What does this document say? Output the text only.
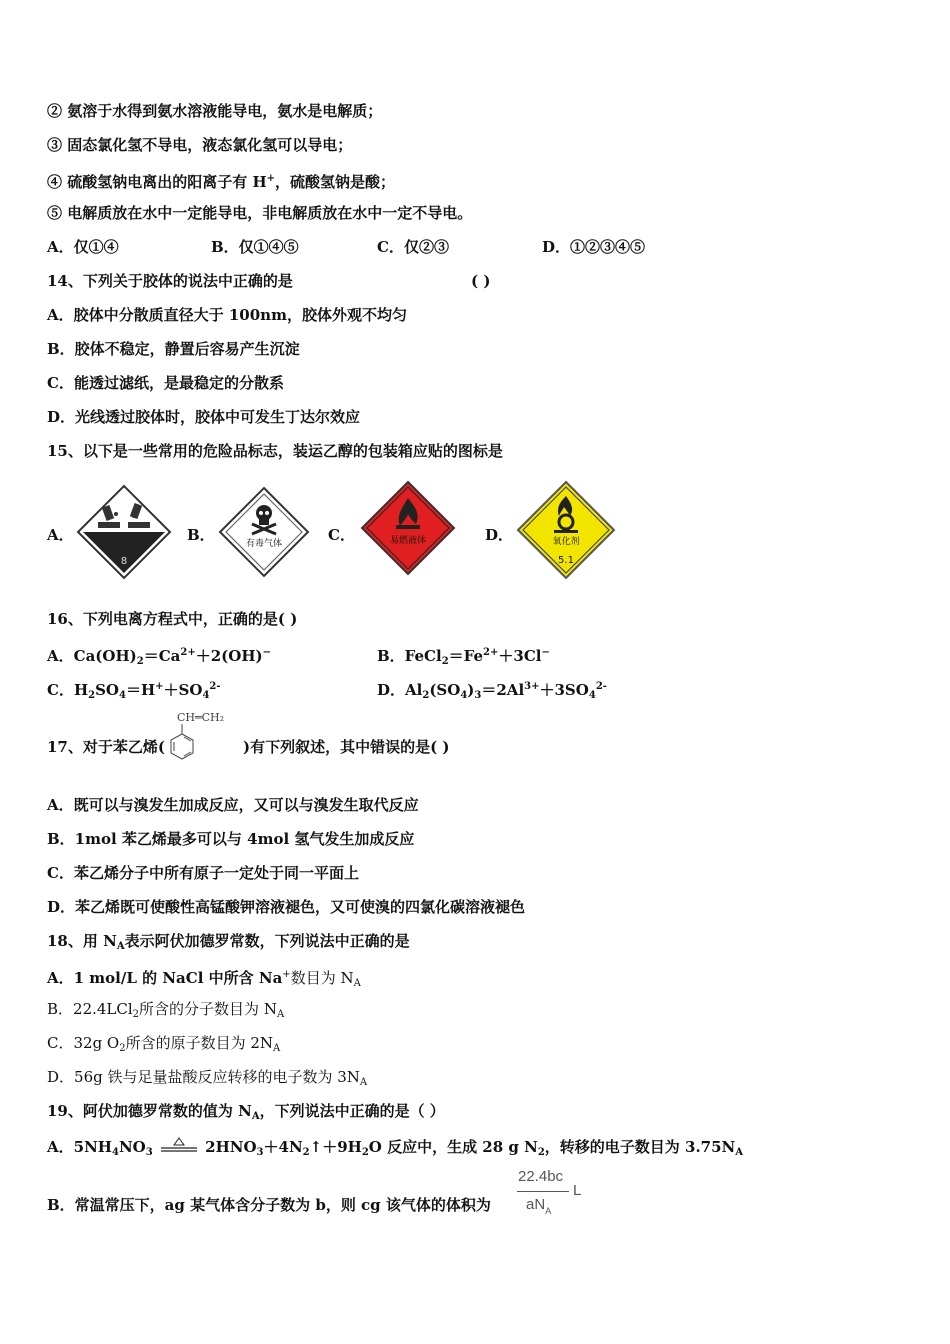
② 氨溶于水得到氨水溶液能导电，氨水是电解质；
③ 固态氯化氢不导电，液态氯化氢可以导电；
④ 硫酸氢钠电离出的阳离子有 H+，硫酸氢钠是酸；
⑤ 电解质放在水中一定能导电，非电解质放在水中一定不导电。
A．仅①④	B．仅①④⑤	C．仅②③	D．①②③④⑤
14、下列关于胶体的说法中正确的是	( )
A．胶体中分散质直径大于 100nm，胶体外观不均匀
B．胶体不稳定，静置后容易产生沉淀
C．能透过滤纸，是最稳定的分散系
D．光线透过胶体时，胶体中可发生丁达尔效应
15、以下是一些常用的危险品标志，装运乙醇的包装箱应贴的图标是
A．	B．	C．	D．
8
有毒气体	易燃液体	氧化剂
5.1
16、下列电离方程式中，正确的是( )
A．$Ca(OH)_2=Ca^{2+}+2(OH)^-$	B．$FeCl_2=Fe^{2+}+3Cl^-$
C．$H_2SO_4=H^++SO_4^{2-}$	D．$Al_2(SO_4)_3=2Al^{3+}+3SO_4^{2-}$
17、对于苯乙烯(
CH═CH₂
)有下列叙述，其中错误的是( )
A．既可以与溴发生加成反应，又可以与溴发生取代反应
B．1mol 苯乙烯最多可以与 4mol 氢气发生加成反应
C．苯乙烯分子中所有原子一定处于同一平面上
D．苯乙烯既可使酸性高锰酸钾溶液褪色，又可使溴的四氯化碳溶液褪色
18、用 $N_A$表示阿伏加德罗常数，下列说法中正确的是
A．1 mol/L 的 NaCl 中所含 Na+数目为 $N_A$
B．22.4LCl$_2$所含的分子数目为 $N_A$
C．32g $O_2$所含的原子数目为 $2N_A$
D．56g 铁与足量盐酸反应转移的电子数为 $3N_A$
19、阿伏加德罗常数的值为 $N_A$，下列说法中正确的是（ ）
A．$5NH_4NO_3$	$2HNO_3+4N_2↑+9H_2O$ 反应中，生成 28 g $N_2$，转移的电子数目为 $3.75N_A$
B．常温常压下，ag 某气体含分子数为 b，则 cg 该气体的体积为
22.4bc
$aN_A$
L
